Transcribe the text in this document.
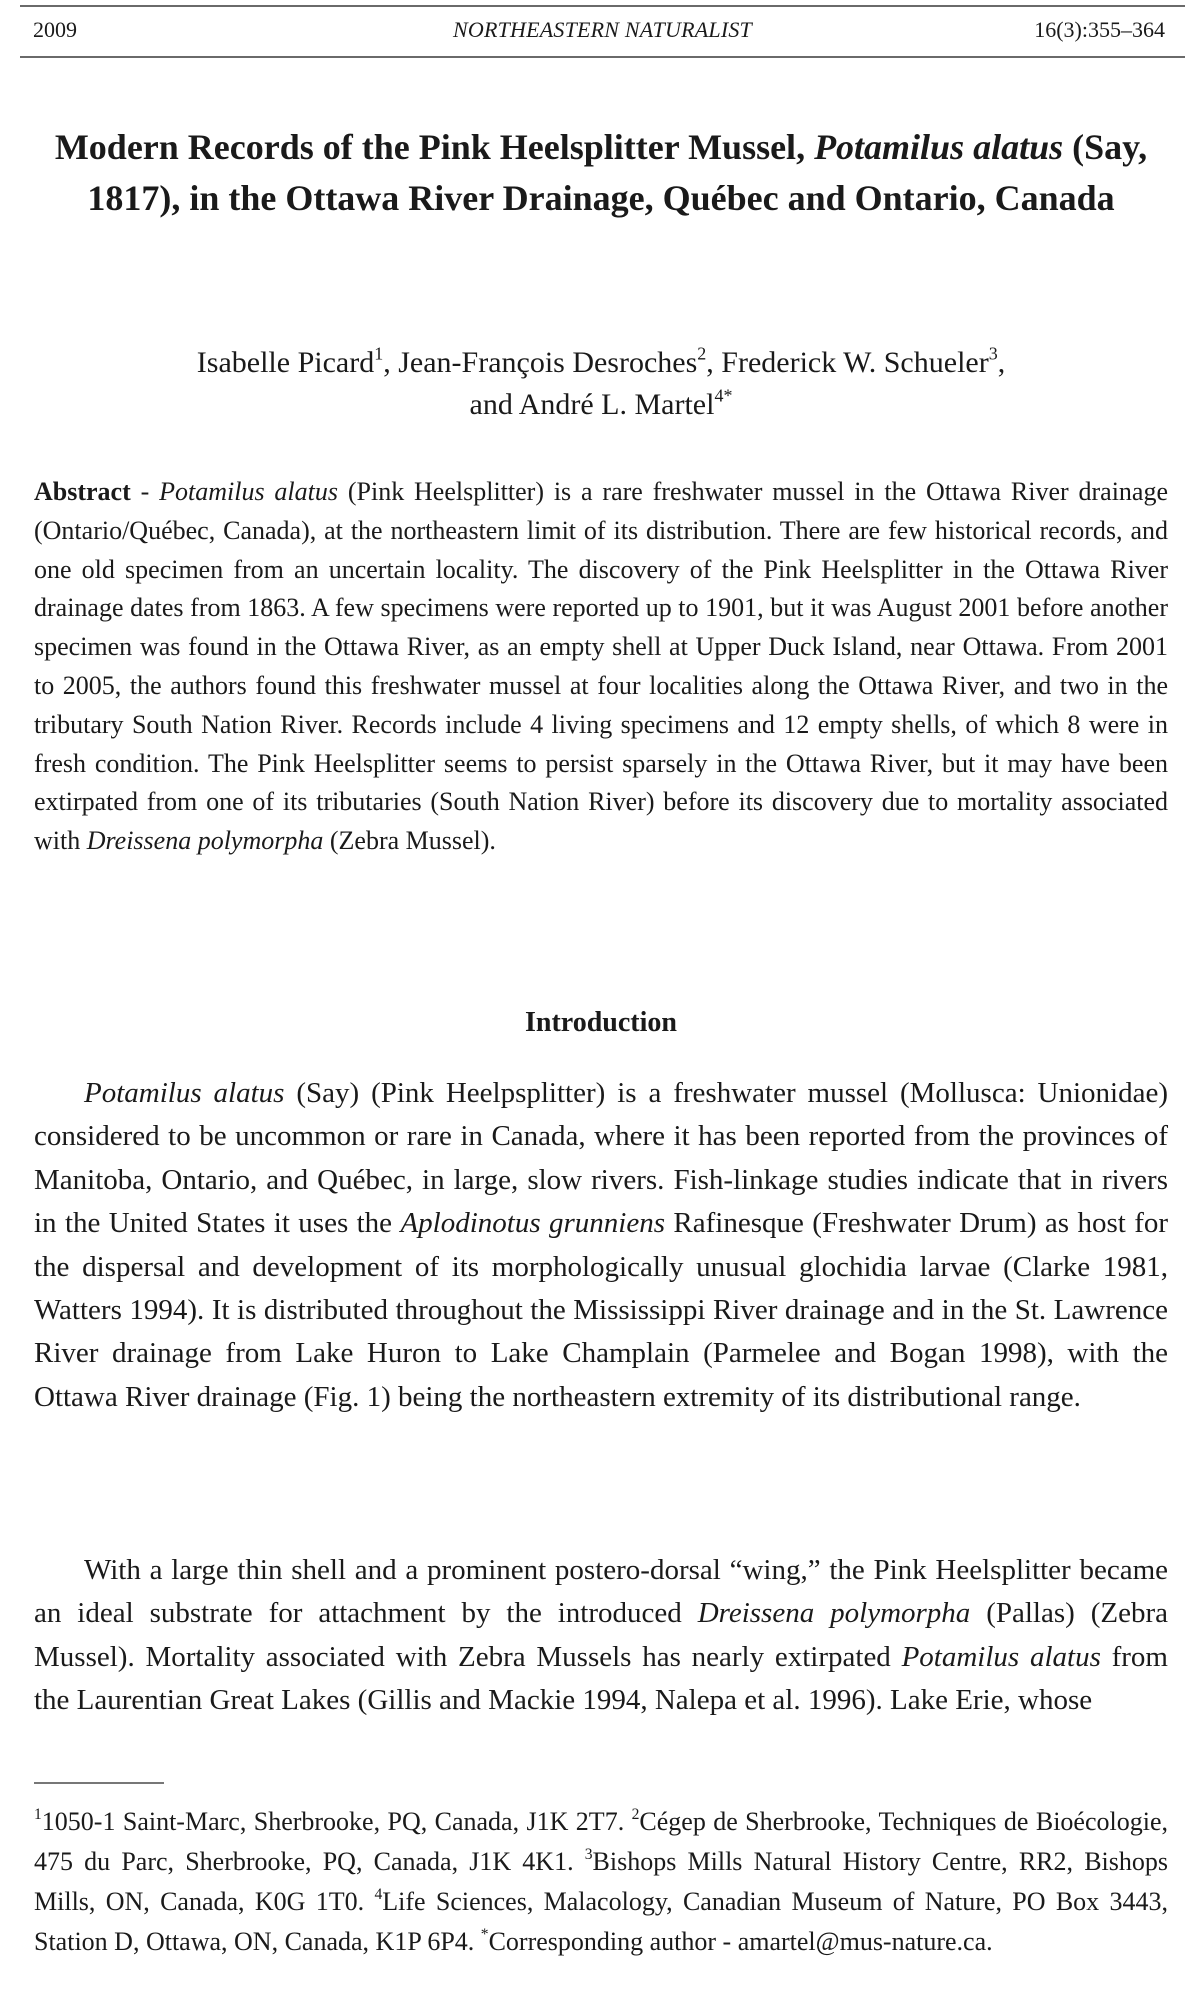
2009	NORTHEASTERN NATURALIST	16(3):355–364
Modern Records of the Pink Heelsplitter Mussel, Potamilus alatus (Say, 1817), in the Ottawa River Drainage, Québec and Ontario, Canada

Isabelle Picard$^1$, Jean-François Desroches$^2$, Frederick W. Schueler$^3$,
and André L. Martel$^{4*}$

Abstract - Potamilus alatus (Pink Heelsplitter) is a rare freshwater mussel in the Ottawa River drainage (Ontario/Québec, Canada), at the northeastern limit of its distribution. There are few historical records, and one old specimen from an uncertain locality. The discovery of the Pink Heelsplitter in the Ottawa River drainage dates from 1863. A few specimens were reported up to 1901, but it was August 2001 before another specimen was found in the Ottawa River, as an empty shell at Upper Duck Island, near Ottawa. From 2001 to 2005, the authors found this freshwater mussel at four localities along the Ottawa River, and two in the tributary South Nation River. Records include 4 living specimens and 12 empty shells, of which 8 were in fresh condition. The Pink Heelsplitter seems to persist sparsely in the Ottawa River, but it may have been extirpated from one of its tributaries (South Nation River) before its discovery due to mortality associated with Dreissena polymorpha (Zebra Mussel).

Introduction

Potamilus alatus (Say) (Pink Heelpsplitter) is a freshwater mussel (Mollusca: Unionidae) considered to be uncommon or rare in Canada, where it has been reported from the provinces of Manitoba, Ontario, and Québec, in large, slow rivers. Fish-linkage studies indicate that in rivers in the United States it uses the Aplodinotus grunniens Rafinesque (Freshwater Drum) as host for the dispersal and development of its morphologically unusual glochidia larvae (Clarke 1981, Watters 1994). It is distributed throughout the Mississippi River drainage and in the St. Lawrence River drainage from Lake Huron to Lake Champlain (Parmelee and Bogan 1998), with the Ottawa River drainage (Fig. 1) being the northeastern extremity of its distributional range.

With a large thin shell and a prominent postero-dorsal “wing,” the Pink Heelsplitter became an ideal substrate for attachment by the introduced Dreissena polymorpha (Pallas) (Zebra Mussel). Mortality associated with Zebra Mussels has nearly extirpated Potamilus alatus from the Laurentian Great Lakes (Gillis and Mackie 1994, Nalepa et al. 1996). Lake Erie, whose

$^1$1050-1 Saint-Marc, Sherbrooke, PQ, Canada, J1K 2T7. $^2$Cégep de Sherbrooke, Techniques de Bioécologie, 475 du Parc, Sherbrooke, PQ, Canada, J1K 4K1. $^3$Bishops Mills Natural History Centre, RR2, Bishops Mills, ON, Canada, K0G 1T0. $^4$Life Sciences, Malacology, Canadian Museum of Nature, PO Box 3443, Station D, Ottawa, ON, Canada, K1P 6P4. *Corresponding author - amartel@mus-nature.ca.
